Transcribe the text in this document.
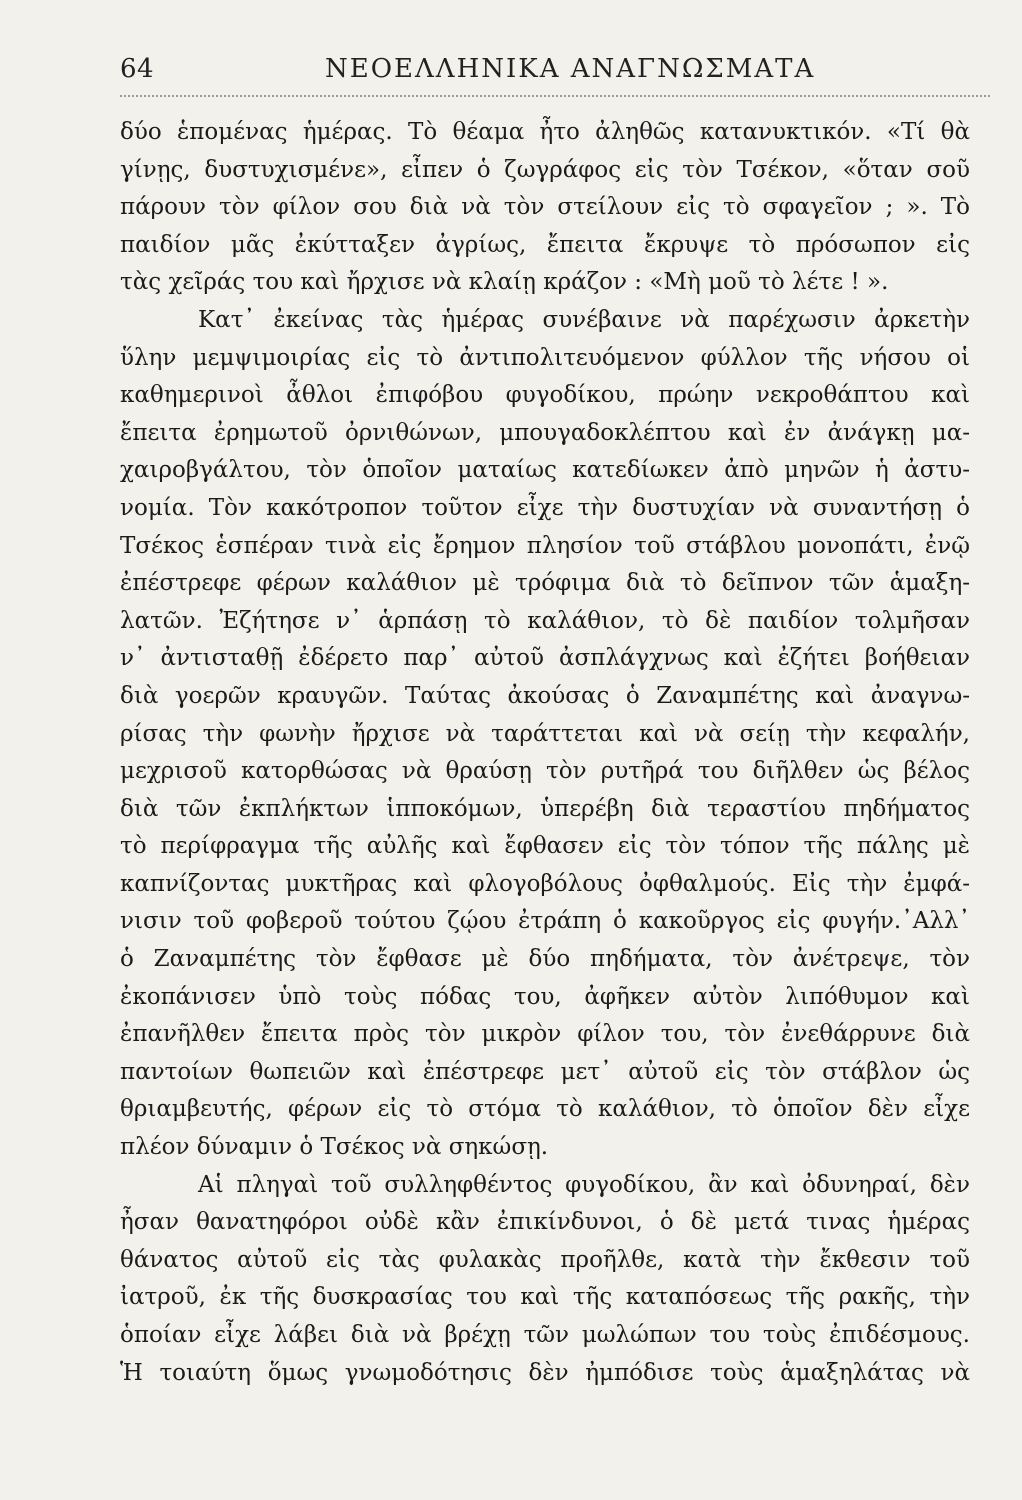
64	ΝΕΟΕΛΛΗΝΙΚΑ ΑΝΑΓΝΩΣΜΑΤΑ
δύο ἑπομένας ἡμέρας. Τὸ θέαμα ἦτο ἀληθῶς κατανυκτικόν. «Τί θὰ
γίνῃς, δυστυχισμένε», εἶπεν ὁ ζωγράφος εἰς τὸν Τσέκον, «ὅταν σοῦ
πάρουν τὸν φίλον σου διὰ νὰ τὸν στείλουν εἰς τὸ σφαγεῖον ; ». Τὸ
παιδίον μᾶς ἐκύτταξεν ἀγρίως, ἔπειτα ἔκρυψε τὸ πρόσωπον εἰς
τὰς χεῖράς του καὶ ἤρχισε νὰ κλαίῃ κράζον : «Μὴ μοῦ τὸ λέτε ! ».
Κατ᾽ ἐκείνας τὰς ἡμέρας συνέβαινε νὰ παρέχωσιν ἀρκετὴν
ὕλην μεμψιμοιρίας εἰς τὸ ἀντιπολιτευόμενον φύλλον τῆς νήσου οἱ
καθημερινοὶ ἆθλοι ἐπιφόβου φυγοδίκου, πρώην νεκροθάπτου καὶ
ἔπειτα ἐρημωτοῦ ὀρνιθώνων, μπουγαδοκλέπτου καὶ ἐν ἀνάγκῃ μα-
χαιροβγάλτου, τὸν ὁποῖον ματαίως κατεδίωκεν ἀπὸ μηνῶν ἡ ἀστυ-
νομία. Τὸν κακότροπον τοῦτον εἶχε τὴν δυστυχίαν νὰ συναντήσῃ ὁ
Τσέκος ἑσπέραν τινὰ εἰς ἔρημον πλησίον τοῦ στάβλου μονοπάτι, ἐνῷ
ἐπέστρεφε φέρων καλάθιον μὲ τρόφιμα διὰ τὸ δεῖπνον τῶν ἁμαξη-
λατῶν. Ἐζήτησε ν᾽ ἁρπάσῃ τὸ καλάθιον, τὸ δὲ παιδίον τολμῆσαν
ν᾽ ἀντισταθῇ ἐδέρετο παρ᾽ αὐτοῦ ἀσπλάγχνως καὶ ἐζήτει βοήθειαν
διὰ γοερῶν κραυγῶν. Ταύτας ἀκούσας ὁ Ζαναμπέτης καὶ ἀναγνω-
ρίσας τὴν φωνὴν ἤρχισε νὰ ταράττεται καὶ νὰ σείῃ τὴν κεφαλήν,
μεχρισοῦ κατορθώσας νὰ θραύσῃ τὸν ρυτῆρά του διῆλθεν ὡς βέλος
διὰ τῶν ἐκπλήκτων ἱπποκόμων, ὑπερέβη διὰ τεραστίου πηδήματος
τὸ περίφραγμα τῆς αὐλῆς καὶ ἔφθασεν εἰς τὸν τόπον τῆς πάλης μὲ
καπνίζοντας μυκτῆρας καὶ φλογοβόλους ὀφθαλμούς. Εἰς τὴν ἐμφά-
νισιν τοῦ φοβεροῦ τούτου ζῴου ἐτράπη ὁ κακοῦργος εἰς φυγήν.᾽Αλλ᾽
ὁ Ζαναμπέτης τὸν ἔφθασε μὲ δύο πηδήματα, τὸν ἀνέτρεψε, τὸν
ἐκοπάνισεν ὑπὸ τοὺς πόδας του, ἀφῆκεν αὐτὸν λιπόθυμον καὶ
ἐπανῆλθεν ἔπειτα πρὸς τὸν μικρὸν φίλον του, τὸν ἐνεθάρρυνε διὰ
παντοίων θωπειῶν καὶ ἐπέστρεφε μετ᾽ αὐτοῦ εἰς τὸν στάβλον ὡς
θριαμβευτής, φέρων εἰς τὸ στόμα τὸ καλάθιον, τὸ ὁποῖον δὲν εἶχε
πλέον δύναμιν ὁ Τσέκος νὰ σηκώσῃ.
Αἱ πληγαὶ τοῦ συλληφθέντος φυγοδίκου, ἂν καὶ ὀδυνηραί, δὲν
ἦσαν θανατηφόροι οὐδὲ κἂν ἐπικίνδυνοι, ὁ δὲ μετά τινας ἡμέρας
θάνατος αὐτοῦ εἰς τὰς φυλακὰς προῆλθε, κατὰ τὴν ἔκθεσιν τοῦ
ἰατροῦ, ἐκ τῆς δυσκρασίας του καὶ τῆς καταπόσεως τῆς ρακῆς, τὴν
ὁποίαν εἶχε λάβει διὰ νὰ βρέχῃ τῶν μωλώπων του τοὺς ἐπιδέσμους.
Ἡ τοιαύτη ὅμως γνωμοδότησις δὲν ἠμπόδισε τοὺς ἁμαξηλάτας νὰ
